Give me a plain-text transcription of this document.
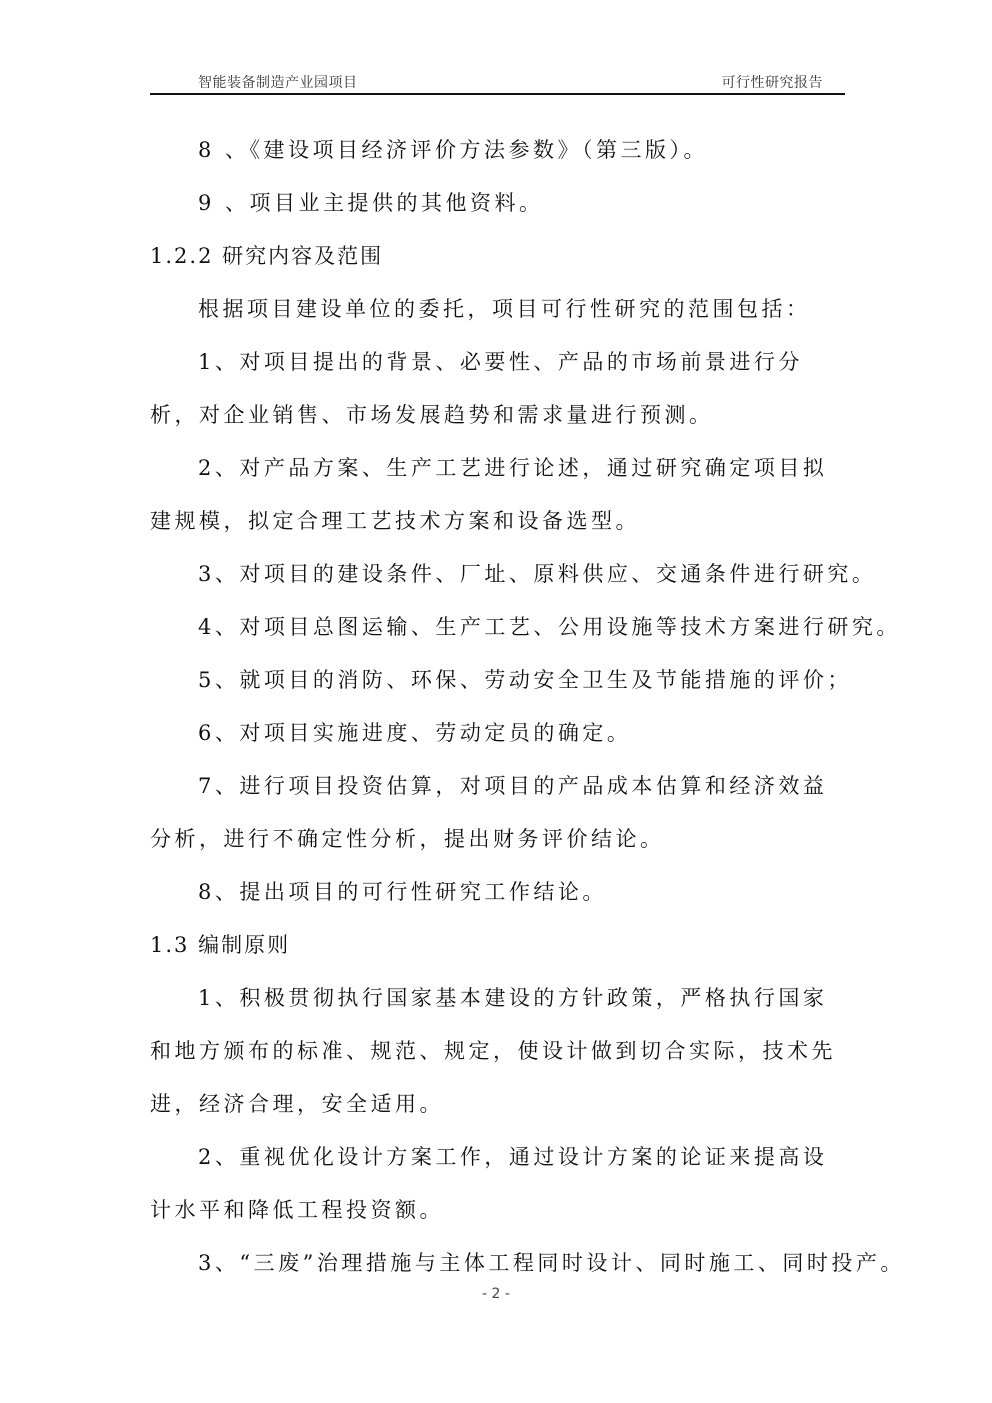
智能装备制造产业园项目	可行性研究报告

8 、《建设项目经济评价方法参数》（第三版）。

9 、项目业主提供的其他资料。

1.2.2 研究内容及范围

根据项目建设单位的委托，项目可行性研究的范围包括：

1、对项目提出的背景、必要性、产品的市场前景进行分析，对企业销售、市场发展趋势和需求量进行预测。

2、对产品方案、生产工艺进行论述，通过研究确定项目拟建规模，拟定合理工艺技术方案和设备选型。

3、对项目的建设条件、厂址、原料供应、交通条件进行研究。

4、对项目总图运输、生产工艺、公用设施等技术方案进行研究。

5、就项目的消防、环保、劳动安全卫生及节能措施的评价；

6、对项目实施进度、劳动定员的确定。

7、进行项目投资估算，对项目的产品成本估算和经济效益分析，进行不确定性分析，提出财务评价结论。

8、提出项目的可行性研究工作结论。

1.3 编制原则

1、积极贯彻执行国家基本建设的方针政策，严格执行国家和地方颁布的标准、规范、规定，使设计做到切合实际，技术先进，经济合理，安全适用。

2、重视优化设计方案工作，通过设计方案的论证来提高设计水平和降低工程投资额。

3、“三废”治理措施与主体工程同时设计、同时施工、同时投产。

- 2 -
